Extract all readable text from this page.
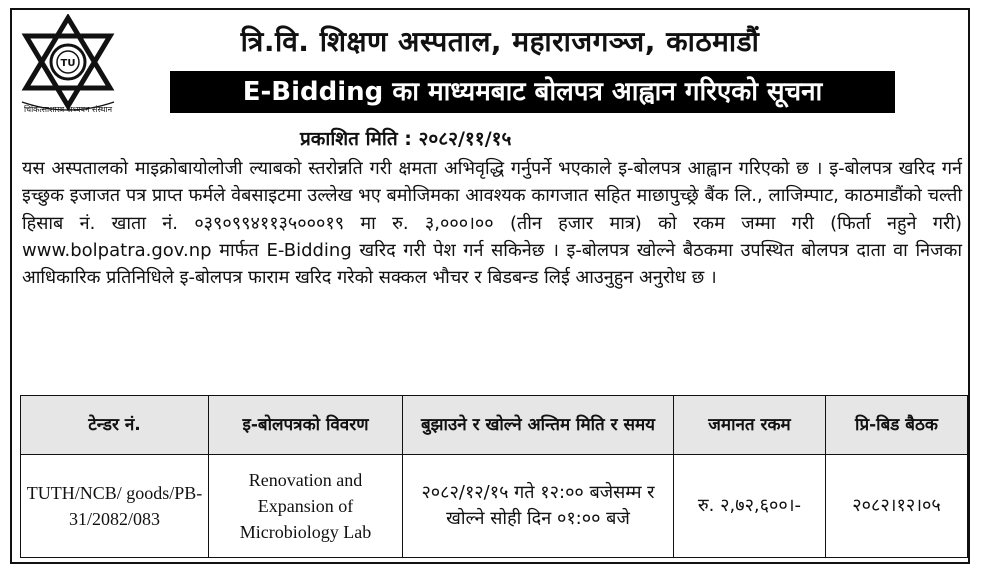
TU
चिकित्साशास्त्र अध्ययन संस्थान
त्रि.वि. शिक्षण अस्पताल, महाराजगञ्ज, काठमाडौं
E-Bidding का माध्यमबाट बोलपत्र आह्वान गरिएको सूचना
प्रकाशित मिति : २०८२/११/१५
यस अस्पतालको माइक्रोबायोलोजी ल्याबको स्तरोन्नति गरी क्षमता अभिवृद्धि गर्नुपर्ने भएकाले इ-बोलपत्र आह्वान गरिएको छ । इ-बोलपत्र खरिद गर्न इच्छुक इजाजत पत्र प्राप्त फर्मले वेबसाइटमा उल्लेख भए बमोजिमका आवश्यक कागजात सहित माछापुच्छ्रे बैंक लि., लाजिम्पाट, काठमाडौंको चल्ती हिसाब नं. खाता नं. ०३९०९९४११३५०००१९ मा रु. ३,०००।०० (तीन हजार मात्र) को रकम जम्मा गरी (फिर्ता नहुने गरी) www.bolpatra.gov.np मार्फत E-Bidding खरिद गरी पेश गर्न सकिनेछ । इ-बोलपत्र खोल्ने बैठकमा उपस्थित बोलपत्र दाता वा निजका आधिकारिक प्रतिनिधिले इ-बोलपत्र फाराम खरिद गरेको सक्कल भौचर र बिडबन्ड लिई आउनुहुन अनुरोध छ ।
टेन्डर नं.	इ-बोलपत्रको विवरण	बुझाउने र खोल्ने अन्तिम मिति र समय	जमानत रकम	प्रि-बिड बैठक
TUTH/NCB/ goods/PB- 31/2082/083	Renovation and Expansion of Microbiology Lab	२०८२/१२/१५ गते १२:०० बजेसम्म र खोल्ने सोही दिन ०१:०० बजे	रु. २,७२,६००।-	२०८२।१२।०५
